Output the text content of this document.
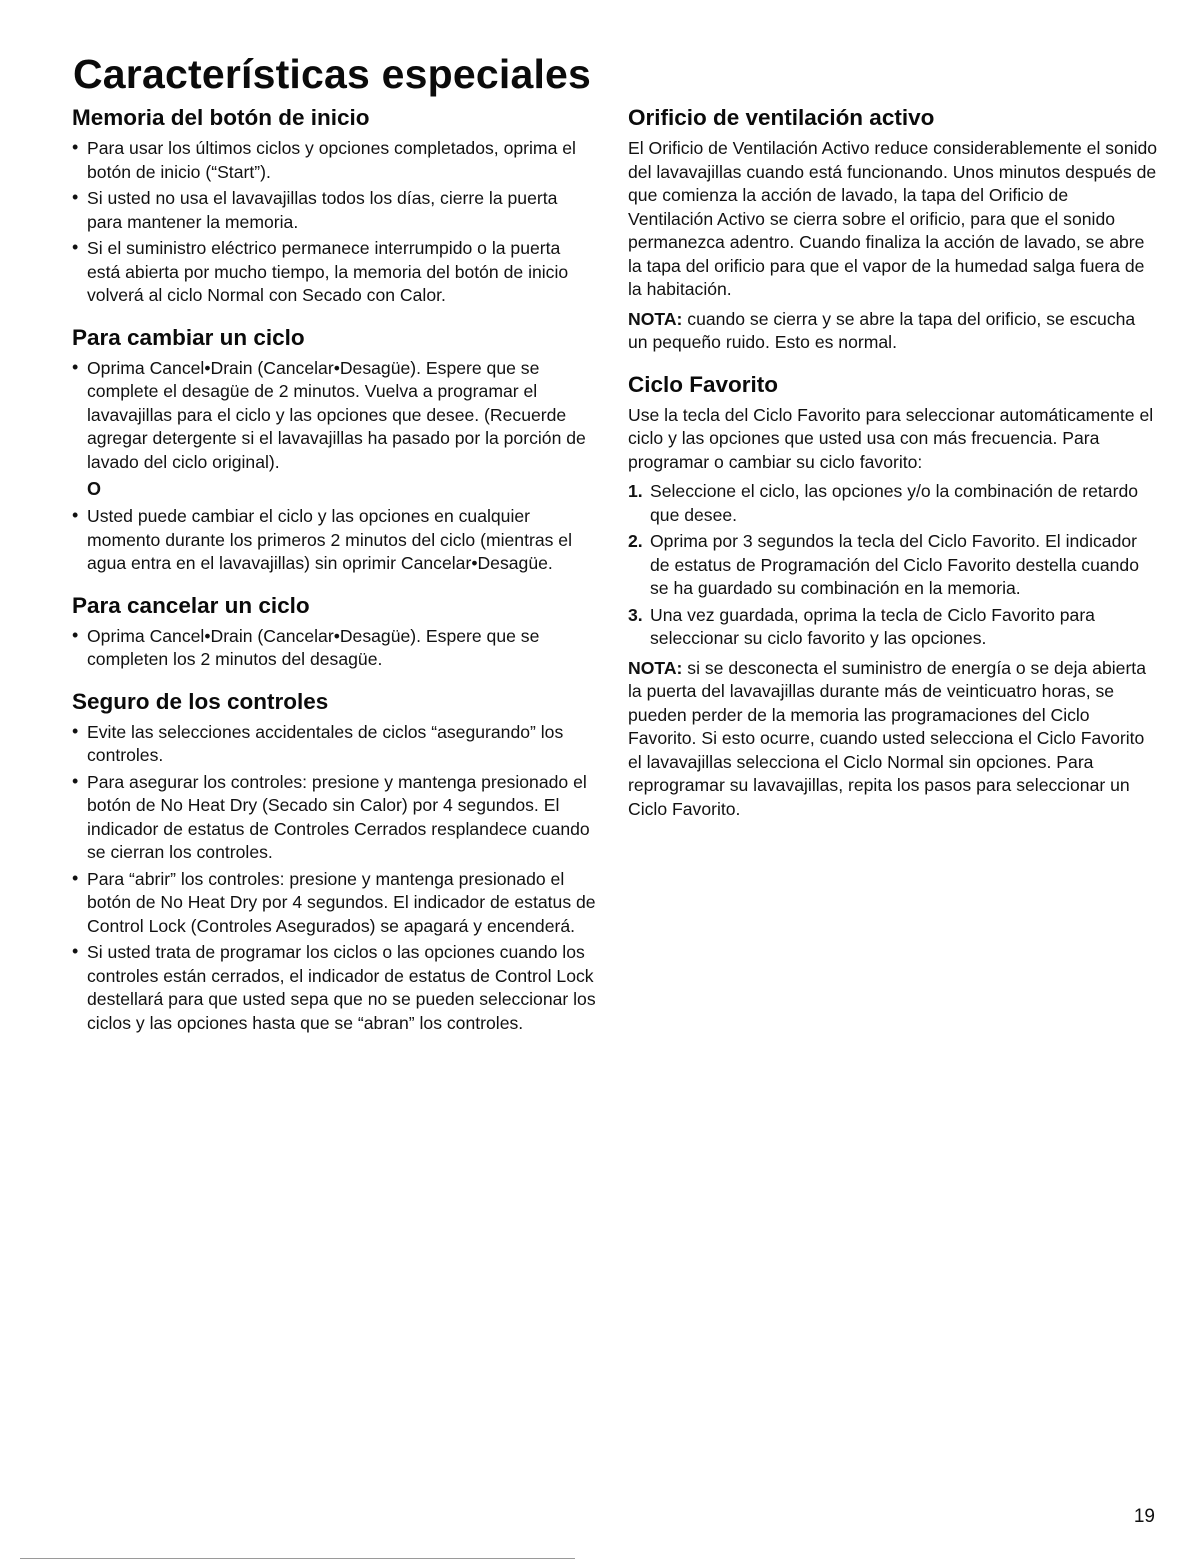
Características especiales
Memoria del botón de inicio
• Para usar los últimos ciclos y opciones completados, oprima el botón de inicio (“Start”).
• Si usted no usa el lavavajillas todos los días, cierre la puerta para mantener la memoria.
• Si el suministro eléctrico permanece interrumpido o la puerta está abierta por mucho tiempo, la memoria del botón de inicio volverá al ciclo Normal con Secado con Calor.
Para cambiar un ciclo
• Oprima Cancel•Drain (Cancelar•Desagüe). Espere que se complete el desagüe de 2 minutos. Vuelva a programar el lavavajillas para el ciclo y las opciones que desee. (Recuerde agregar detergente si el lavavajillas ha pasado por la porción de lavado del ciclo original).
O
• Usted puede cambiar el ciclo y las opciones en cualquier momento durante los primeros 2 minutos del ciclo (mientras el agua entra en el lavavajillas) sin oprimir Cancelar•Desagüe.
Para cancelar un ciclo
• Oprima Cancel•Drain (Cancelar•Desagüe). Espere que se completen los 2 minutos del desagüe.
Seguro de los controles
• Evite las selecciones accidentales de ciclos “asegurando” los controles.
• Para asegurar los controles: presione y mantenga presionado el botón de No Heat Dry (Secado sin Calor) por 4 segundos. El indicador de estatus de Controles Cerrados resplandece cuando se cierran los controles.
• Para “abrir” los controles: presione y mantenga presionado el botón de No Heat Dry por 4 segundos. El indicador de estatus de Control Lock (Controles Asegurados) se apagará y encenderá.
• Si usted trata de programar los ciclos o las opciones cuando los controles están cerrados, el indicador de estatus de Control Lock destellará para que usted sepa que no se pueden seleccionar los ciclos y las opciones hasta que se “abran” los controles.
Orificio de ventilación activo

El Orificio de Ventilación Activo reduce considerablemente el sonido del lavavajillas cuando está funcionando. Unos minutos después de que comienza la acción de lavado, la tapa del Orificio de Ventilación Activo se cierra sobre el orificio, para que el sonido permanezca adentro. Cuando finaliza la acción de lavado, se abre la tapa del orificio para que el vapor de la humedad salga fuera de la habitación.

NOTA: cuando se cierra y se abre la tapa del orificio, se escucha un pequeño ruido. Esto es normal.

Ciclo Favorito

Use la tecla del Ciclo Favorito para seleccionar automáticamente el ciclo y las opciones que usted usa con más frecuencia. Para programar o cambiar su ciclo favorito:

1. Seleccione el ciclo, las opciones y/o la combinación de retardo que desee.
2. Oprima por 3 segundos la tecla del Ciclo Favorito. El indicador de estatus de Programación del Ciclo Favorito destella cuando se ha guardado su combinación en la memoria.
3. Una vez guardada, oprima la tecla de Ciclo Favorito para seleccionar su ciclo favorito y las opciones.

NOTA: si se desconecta el suministro de energía o se deja abierta la puerta del lavavajillas durante más de veinticuatro horas, se pueden perder de la memoria las programaciones del Ciclo Favorito. Si esto ocurre, cuando usted selecciona el Ciclo Favorito el lavavajillas selecciona el Ciclo Normal sin opciones. Para reprogramar su lavavajillas, repita los pasos para seleccionar un Ciclo Favorito.

19
